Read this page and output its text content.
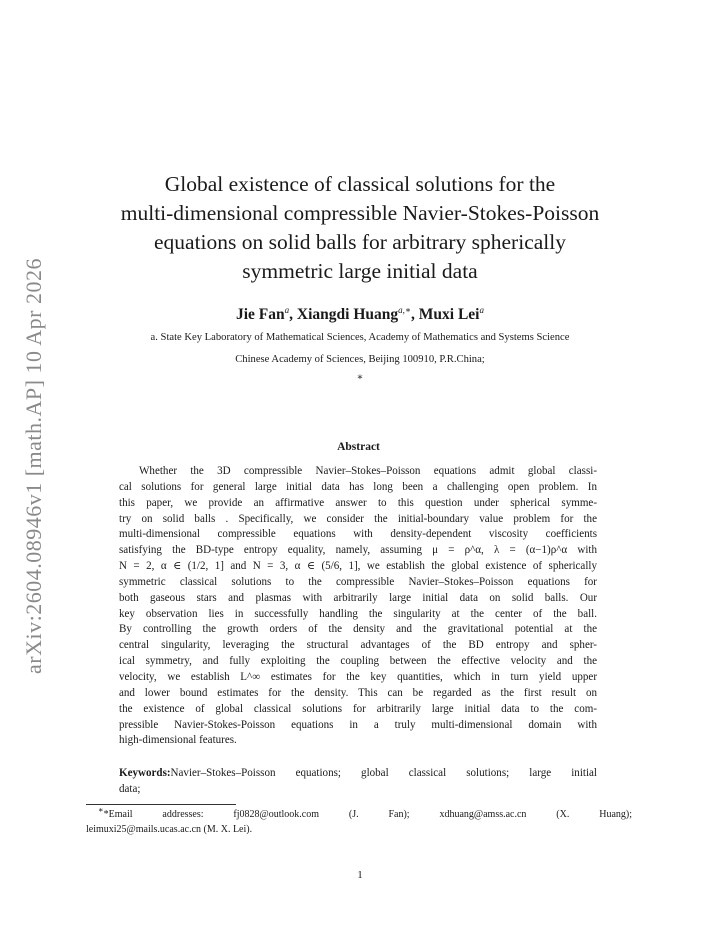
arXiv:2604.08946v1 [math.AP] 10 Apr 2026
Global existence of classical solutions for the
multi-dimensional compressible Navier-Stokes-Poisson
equations on solid balls for arbitrary spherically
symmetric large initial data
Jie Fan$^a$, Xiangdi Huang$^{a,∗}$, Muxi Lei$^a$
a. State Key Laboratory of Mathematical Sciences, Academy of Mathematics and Systems Science
Chinese Academy of Sciences, Beijing 100910, P.R.China;
∗
Abstract
Whether the 3D compressible Navier–Stokes–Poisson equations admit global classi-
cal solutions for general large initial data has long been a challenging open problem. In
this paper, we provide an affirmative answer to this question under spherical symme-
try on solid balls . Specifically, we consider the initial-boundary value problem for the
multi-dimensional compressible equations with density-dependent viscosity coefficients
satisfying the BD-type entropy equality, namely, assuming μ = ρ^α, λ = (α−1)ρ^α with
N = 2, α ∈ (1/2, 1] and N = 3, α ∈ (5/6, 1], we establish the global existence of spherically
symmetric classical solutions to the compressible Navier–Stokes–Poisson equations for
both gaseous stars and plasmas with arbitrarily large initial data on solid balls. Our
key observation lies in successfully handling the singularity at the center of the ball.
By controlling the growth orders of the density and the gravitational potential at the
central singularity, leveraging the structural advantages of the BD entropy and spher-
ical symmetry, and fully exploiting the coupling between the effective velocity and the
velocity, we establish L^∞ estimates for the key quantities, which in turn yield upper
and lower bound estimates for the density. This can be regarded as the first result on
the existence of global classical solutions for arbitrarily large initial data to the com-
pressible Navier-Stokes-Poisson equations in a truly multi-dimensional domain with
high-dimensional features.
Keywords:Navier–Stokes–Poisson equations; global classical solutions; large initial
data;
∗*Email addresses: fj0828@outlook.com (J. Fan); xdhuang@amss.ac.cn (X. Huang);
leimuxi25@mails.ucas.ac.cn (M. X. Lei).
1
